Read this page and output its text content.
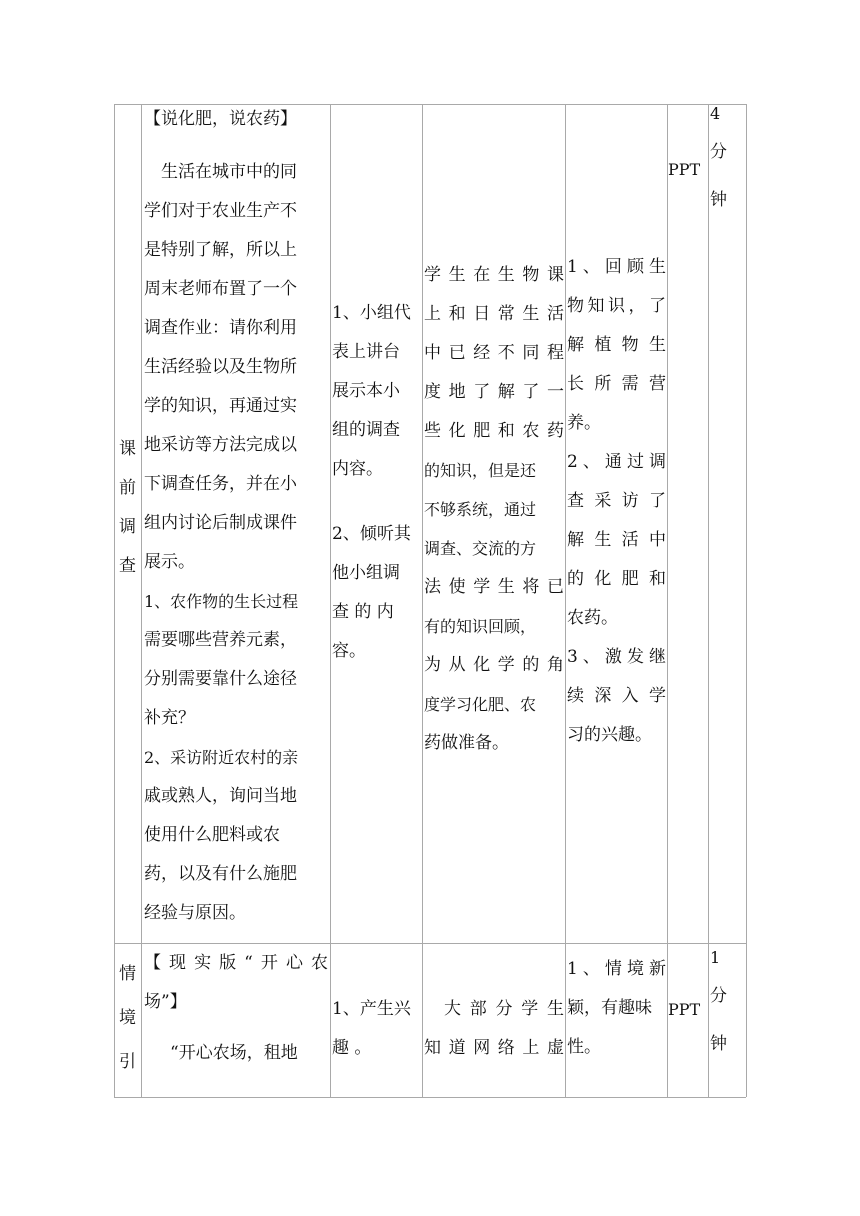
课
前
调
查
【说化肥，说农药】
生活在城市中的同
学们对于农业生产不
是特别了解，所以上
周末老师布置了一个
调查作业：请你利用
生活经验以及生物所
学的知识，再通过实
地采访等方法完成以
下调查任务，并在小
组内讨论后制成课件
展示。
1、农作物的生长过程
需要哪些营养元素，
分别需要靠什么途径
补充？
2、采访附近农村的亲
戚或熟人，询问当地
使用什么肥料或农
药，以及有什么施肥
经验与原因。
1、小组代
表上讲台
展示本小
组的调查
内容。
2、倾听其
他小组调
查 的 内
容。
学生在生物课
上和日常生活
中已经不同程
度地了解了一
些化肥和农药
的知识，但是还
不够系统，通过
调查、交流的方
法使学生将已
有的知识回顾，
为从化学的角
度学习化肥、农
药做准备。
1、回顾生
物知识，了
解植物生
长所需营
养。
2、通过调
查采访了
解生活中
的化肥和
农药。
3、激发继
续深入学
习的兴趣。
PPT
4
分
钟
情
境
引
【现实版“开心农
场”】
“开心农场，租地
1、产生兴
趣 。
大部分学生
知道网络上虚
1、情境新
颖，有趣味
性。
PPT
1
分
钟
